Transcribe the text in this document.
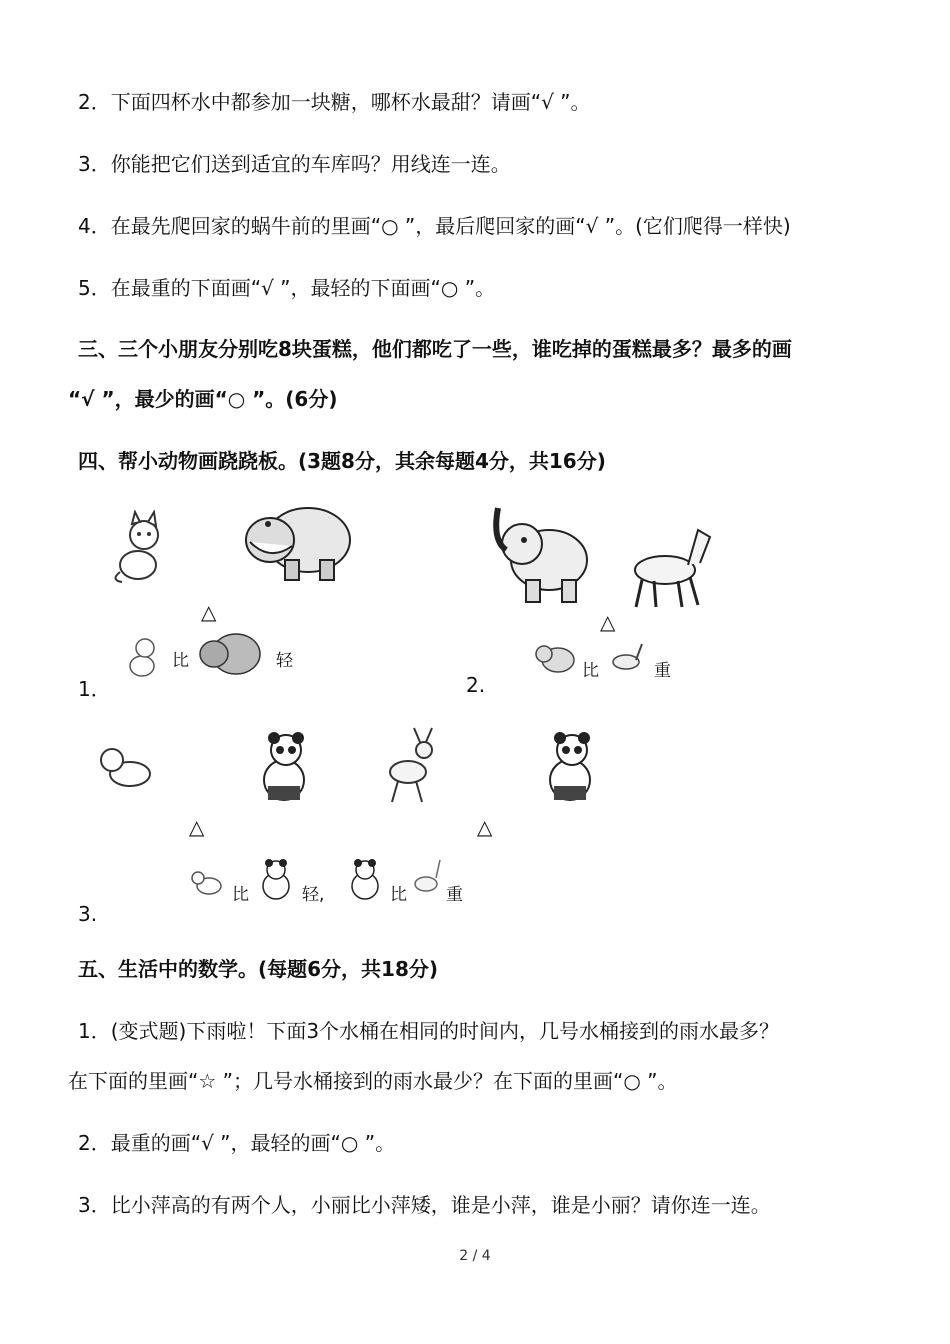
2．下面四杯水中都参加一块糖，哪杯水最甜？请画“√ ”。
3．你能把它们送到适宜的车库吗？用线连一连。
4．在最先爬回家的蜗牛前的里画“○ ”，最后爬回家的画“√ ”。(它们爬得一样快)
5．在最重的下面画“√ ”，最轻的下面画“○ ”。
三、三个小朋友分别吃8块蛋糕，他们都吃了一些，谁吃掉的蛋糕最多？最多的画
“√ ”，最少的画“○ ”。(6分)
四、帮小动物画跷跷板。(3题8分，其余每题4分，共16分)
△
1．
比	轻
△
2.
比	重
△	△
3.
比	轻,	比 重
五、生活中的数学。(每题6分，共18分)
1．(变式题)下雨啦！下面3个水桶在相同的时间内，几号水桶接到的雨水最多？
在下面的里画“☆ ”；几号水桶接到的雨水最少？在下面的里画“○ ”。
2．最重的画“√ ”，最轻的画“○ ”。
3．比小萍高的有两个人，小丽比小萍矮，谁是小萍，谁是小丽？请你连一连。
2 / 4
